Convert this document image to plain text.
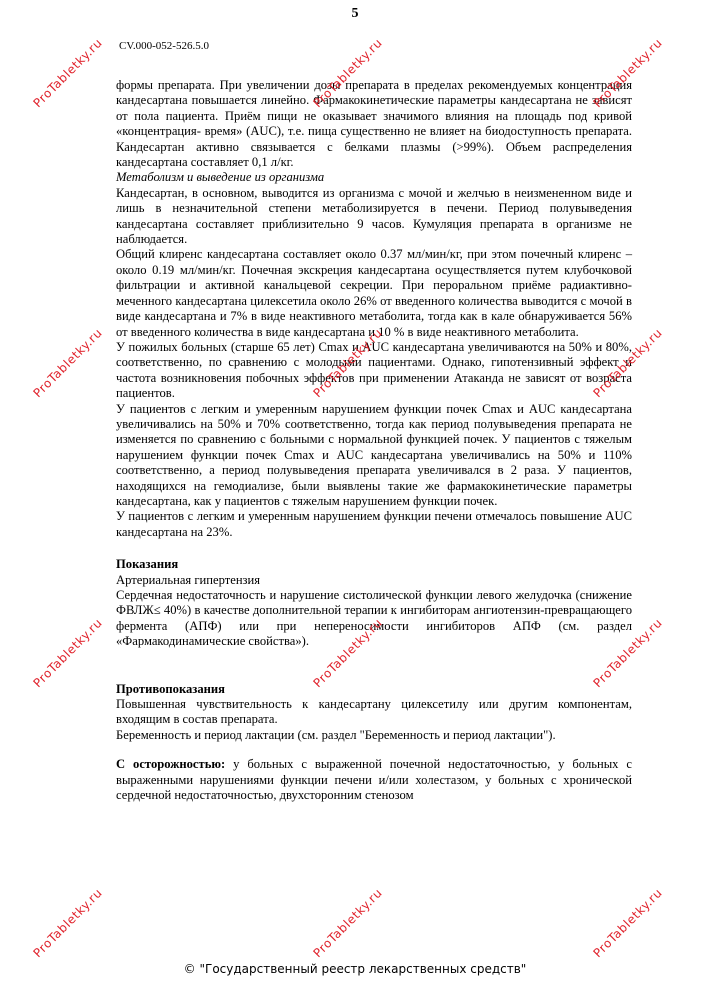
5
CV.000-052-526.5.0

формы препарата. При увеличении дозы препарата в пределах рекомендуемых концентрация кандесартана повышается линейно. Фармакокинетические параметры кандесартана не зависят от пола пациента. Приём пищи не оказывает значимого влияния на площадь под кривой «концентрация- время» (AUC), т.е. пища существенно не влияет на биодоступность препарата. Кандесартан активно связывается с белками плазмы (>99%). Объем распределения кандесартана составляет 0,1 л/кг.

Метаболизм и выведение из организма

Кандесартан, в основном, выводится из организма с мочой и желчью в неизмененном виде и лишь в незначительной степени метаболизируется в печени. Период полувыведения кандесартана составляет приблизительно 9 часов. Кумуляция препарата в организме не наблюдается.

Общий клиренс кандесартана составляет около 0.37 мл/мин/кг, при этом почечный клиренс – около 0.19 мл/мин/кг. Почечная экскреция кандесартана осуществляется путем клубочковой фильтрации и активной канальцевой секреции. При пероральном приёме радиактивно-меченного кандесартана цилексетила около 26% от введенного количества выводится с мочой в виде кандесартана и 7% в виде неактивного метаболита, тогда как в кале обнаруживается 56% от введенного количества в виде кандесартана и 10 % в виде неактивного метаболита.

У пожилых больных (старше 65 лет) Cmax и AUC кандесартана увеличиваются на 50% и 80%, соответственно, по сравнению с молодыми пациентами. Однако, гипотензивный эффект и частота возникновения побочных эффектов при применении Атаканда не зависят от возраста пациентов.

У пациентов с легким и умеренным нарушением функции почек Cmax и AUC кандесартана увеличивались на 50% и 70% соответственно, тогда как период полувыведения препарата не изменяется по сравнению с больными с нормальной функцией почек. У пациентов с тяжелым нарушением функции почек Cmax и AUC кандесартана увеличивались на 50% и 110% соответственно, а период полувыведения препарата увеличивался в 2 раза. У пациентов, находящихся на гемодиализе, были выявлены такие же фармакокинетические параметры кандесартана, как у пациентов с тяжелым нарушением функции почек.

У пациентов с легким и умеренным нарушением функции печени отмечалось повышение AUC кандесартана на 23%.

Показания

Артериальная гипертензия

Сердечная недостаточность и нарушение систолической функции левого желудочка (снижение ФВЛЖ≤ 40%) в качестве дополнительной терапии к ингибиторам ангиотензин-превращающего фермента (АПФ) или при непереносимости ингибиторов АПФ (см. раздел «Фармакодинамические свойства»).

Противопоказания

Повышенная чувствительность к кандесартану цилексетилу или другим компонентам, входящим в состав препарата.

Беременность и период лактации (см. раздел "Беременность и период лактации").

С осторожностью: у больных с выраженной почечной недостаточностью, у больных с выраженными нарушениями функции печени и/или холестазом, у больных с хронической сердечной недостаточностью, двухсторонним стенозом

© "Государственный реестр лекарственных средств"
ProTabletky.ru	ProTabletky.ru	ProTabletky.ru
ProTabletky.ru	ProTabletky.ru	ProTabletky.ru
ProTabletky.ru	ProTabletky.ru	ProTabletky.ru
ProTabletky.ru	ProTabletky.ru	ProTabletky.ru
